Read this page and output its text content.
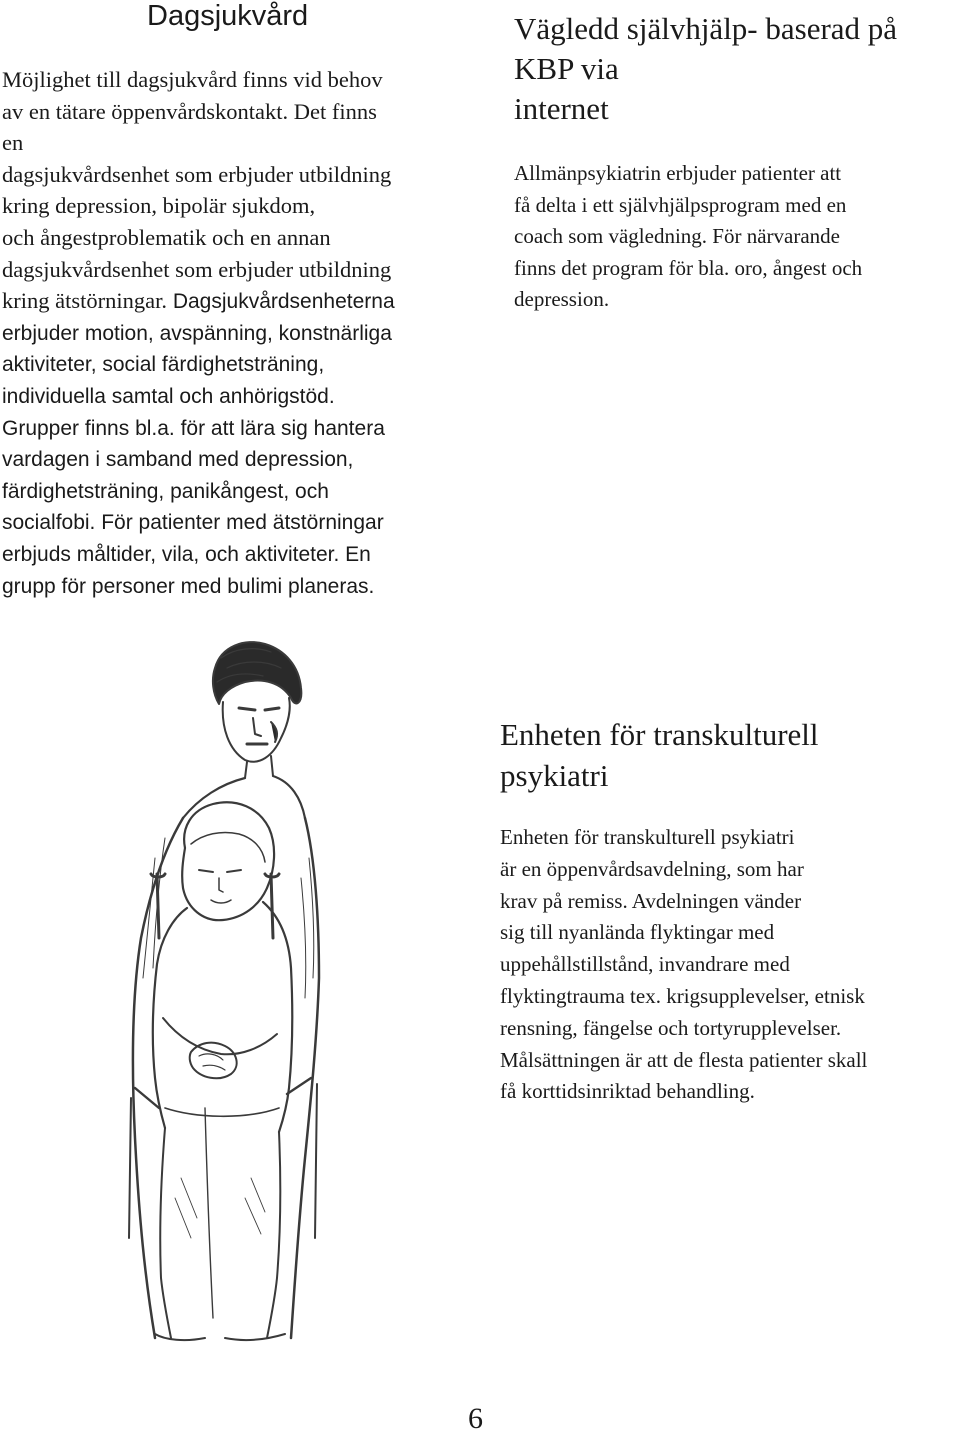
Dagsjukvård
Möjlighet till dagsjukvård finns vid behov
av en tätare öppenvårdskontakt. Det finns
en
dagsjukvårdsenhet som erbjuder utbildning
kring depression, bipolär sjukdom,
och ångestproblematik och en annan
dagsjukvårdsenhet som erbjuder utbildning
kring ätstörningar. Dagsjukvårdsenheterna
erbjuder motion, avspänning, konstnärliga
aktiviteter, social färdighetsträning,
individuella samtal och anhörigstöd.
Grupper finns bl.a. för att lära sig hantera
vardagen i samband med depression,
färdighetsträning, panikångest, och
socialfobi. För patienter med ätstörningar
erbjuds måltider, vila, och aktiviteter. En
grupp för personer med bulimi planeras.
Vägledd självhjälp- baserad på
KBP via
internet
Allmänpsykiatrin erbjuder patienter att
få delta i ett självhjälpsprogram med en
coach som vägledning. För närvarande
finns det program för bla. oro, ångest och
depression.
Enheten för transkulturell
psykiatri
Enheten för transkulturell psykiatri
är en öppenvårdsavdelning, som har
krav på remiss. Avdelningen vänder
sig till nyanlända flyktingar med
uppehållstillstånd, invandrare med
flyktingtrauma tex. krigsupplevelser, etnisk
rensning, fängelse och tortyrupplevelser.
Målsättningen är att de flesta patienter skall
få korttidsinriktad behandling.
6
